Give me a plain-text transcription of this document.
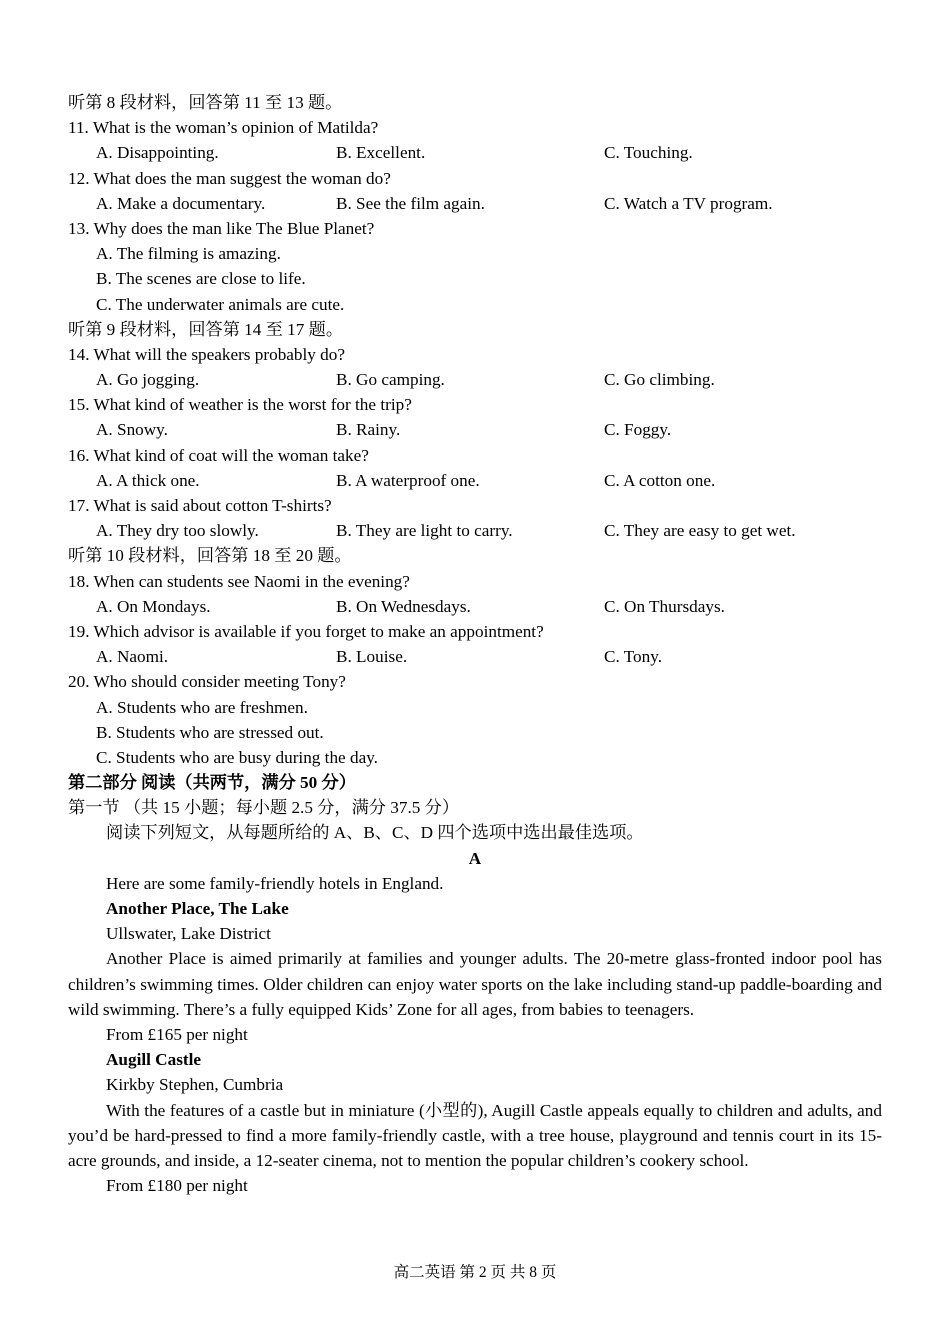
听第 8 段材料，回答第 11 至 13 题。
11. What is the woman’s opinion of Matilda?
A. Disappointing.	B. Excellent.	C. Touching.
12. What does the man suggest the woman do?
A. Make a documentary.	B. See the film again.	C. Watch a TV program.
13. Why does the man like The Blue Planet?
A. The filming is amazing.
B. The scenes are close to life.
C. The underwater animals are cute.
听第 9 段材料，回答第 14 至 17 题。
14. What will the speakers probably do?
A. Go jogging.	B. Go camping.	C. Go climbing.
15. What kind of weather is the worst for the trip?
A. Snowy.	B. Rainy.	C. Foggy.
16. What kind of coat will the woman take?
A. A thick one.	B. A waterproof one.	C. A cotton one.
17. What is said about cotton T-shirts?
A. They dry too slowly.	B. They are light to carry.	C. They are easy to get wet.
听第 10 段材料，回答第 18 至 20 题。
18. When can students see Naomi in the evening?
A. On Mondays.	B. On Wednesdays.	C. On Thursdays.
19. Which advisor is available if you forget to make an appointment?
A. Naomi.	B. Louise.	C. Tony.
20. Who should consider meeting Tony?
A. Students who are freshmen.
B. Students who are stressed out.
C. Students who are busy during the day.
第二部分 阅读（共两节，满分 50 分）
第一节 （共 15 小题；每小题 2.5 分，满分 37.5 分）
阅读下列短文，从每题所给的 A、B、C、D 四个选项中选出最佳选项。
A
Here are some family-friendly hotels in England.
Another Place, The Lake
Ullswater, Lake District
Another Place is aimed primarily at families and younger adults. The 20-metre glass-fronted indoor pool has children’s swimming times. Older children can enjoy water sports on the lake including stand-up paddle-boarding and wild swimming. There’s a fully equipped Kids’ Zone for all ages, from babies to teenagers.
From £165 per night
Augill Castle
Kirkby Stephen, Cumbria
With the features of a castle but in miniature (小型的), Augill Castle appeals equally to children and adults, and you’d be hard-pressed to find a more family-friendly castle, with a tree house, playground and tennis court in its 15-acre grounds, and inside, a 12-seater cinema, not to mention the popular children’s cookery school.
From £180 per night
高二英语 第 2 页 共 8 页
